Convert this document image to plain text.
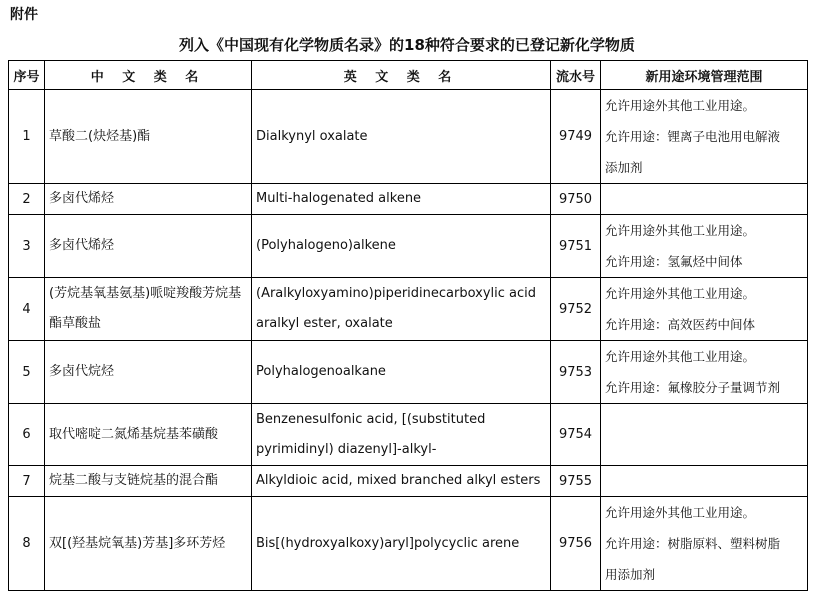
附件
列入《中国现有化学物质名录》的18种符合要求的已登记新化学物质
序号	中 文 类 名	英 文 类 名	流水号	新用途环境管理范围
1	草酸二(炔烃基)酯	Dialkynyl oxalate	9749	允许用途外其他工业用途。
允许用途：锂离子电池用电解液
添加剂

2	多卤代烯烃	Multi-halogenated alkene	9750	
3	多卤代烯烃	(Polyhalogeno)alkene	9751	允许用途外其他工业用途。
允许用途：氢氟烃中间体

4	(芳烷基氧基氨基)哌啶羧酸芳烷基酯草酸盐	(Aralkyloxyamino)piperidinecarboxylic acid aralkyl ester, oxalate	9752	允许用途外其他工业用途。
允许用途：高效医药中间体

5	多卤代烷烃	Polyhalogenoalkane	9753	允许用途外其他工业用途。
允许用途：氟橡胶分子量调节剂

6	取代嘧啶二氮烯基烷基苯磺酸	Benzenesulfonic acid, [(substituted pyrimidinyl) diazenyl]-alkyl-	9754	
7	烷基二酸与支链烷基的混合酯	Alkyldioic acid, mixed branched alkyl esters	9755	
8	双[(羟基烷氧基)芳基]多环芳烃	Bis[(hydroxyalkoxy)aryl]polycyclic arene	9756	允许用途外其他工业用途。
允许用途：树脂原料、塑料树脂
用添加剂
